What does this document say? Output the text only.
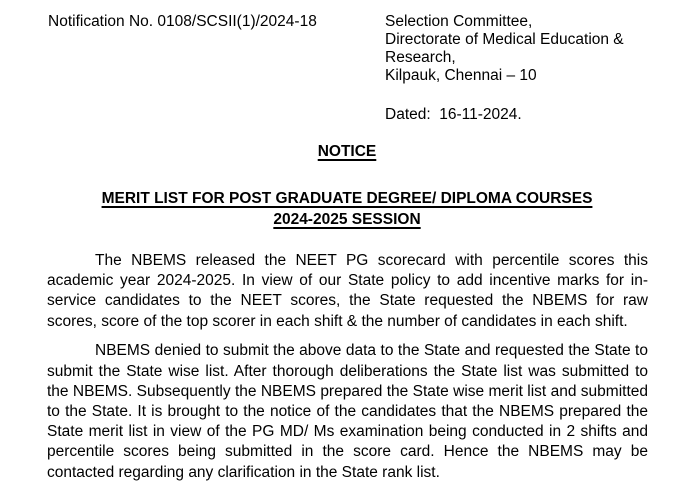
Notification No. 0108/SCSII(1)/2024-18	Selection Committee,
Directorate of Medical Education &
Research,
Kilpauk, Chennai – 10
Dated:  16-11-2024.
NOTICE
MERIT LIST FOR POST GRADUATE DEGREE/ DIPLOMA COURSES
2024-2025 SESSION

The NBEMS released the NEET PG scorecard with percentile scores this academic year 2024-2025. In view of our State policy to add incentive marks for in-service candidates to the NEET scores, the State requested the NBEMS for raw scores, score of the top scorer in each shift & the number of candidates in each shift.

NBEMS denied to submit the above data to the State and requested the State to submit the State wise list. After thorough deliberations the State list was submitted to the NBEMS. Subsequently the NBEMS prepared the State wise merit list and submitted to the State. It is brought to the notice of the candidates that the NBEMS prepared the State merit list in view of the PG MD/ Ms examination being conducted in 2 shifts and percentile scores being submitted in the score card. Hence the NBEMS may be contacted regarding any clarification in the State rank list.
